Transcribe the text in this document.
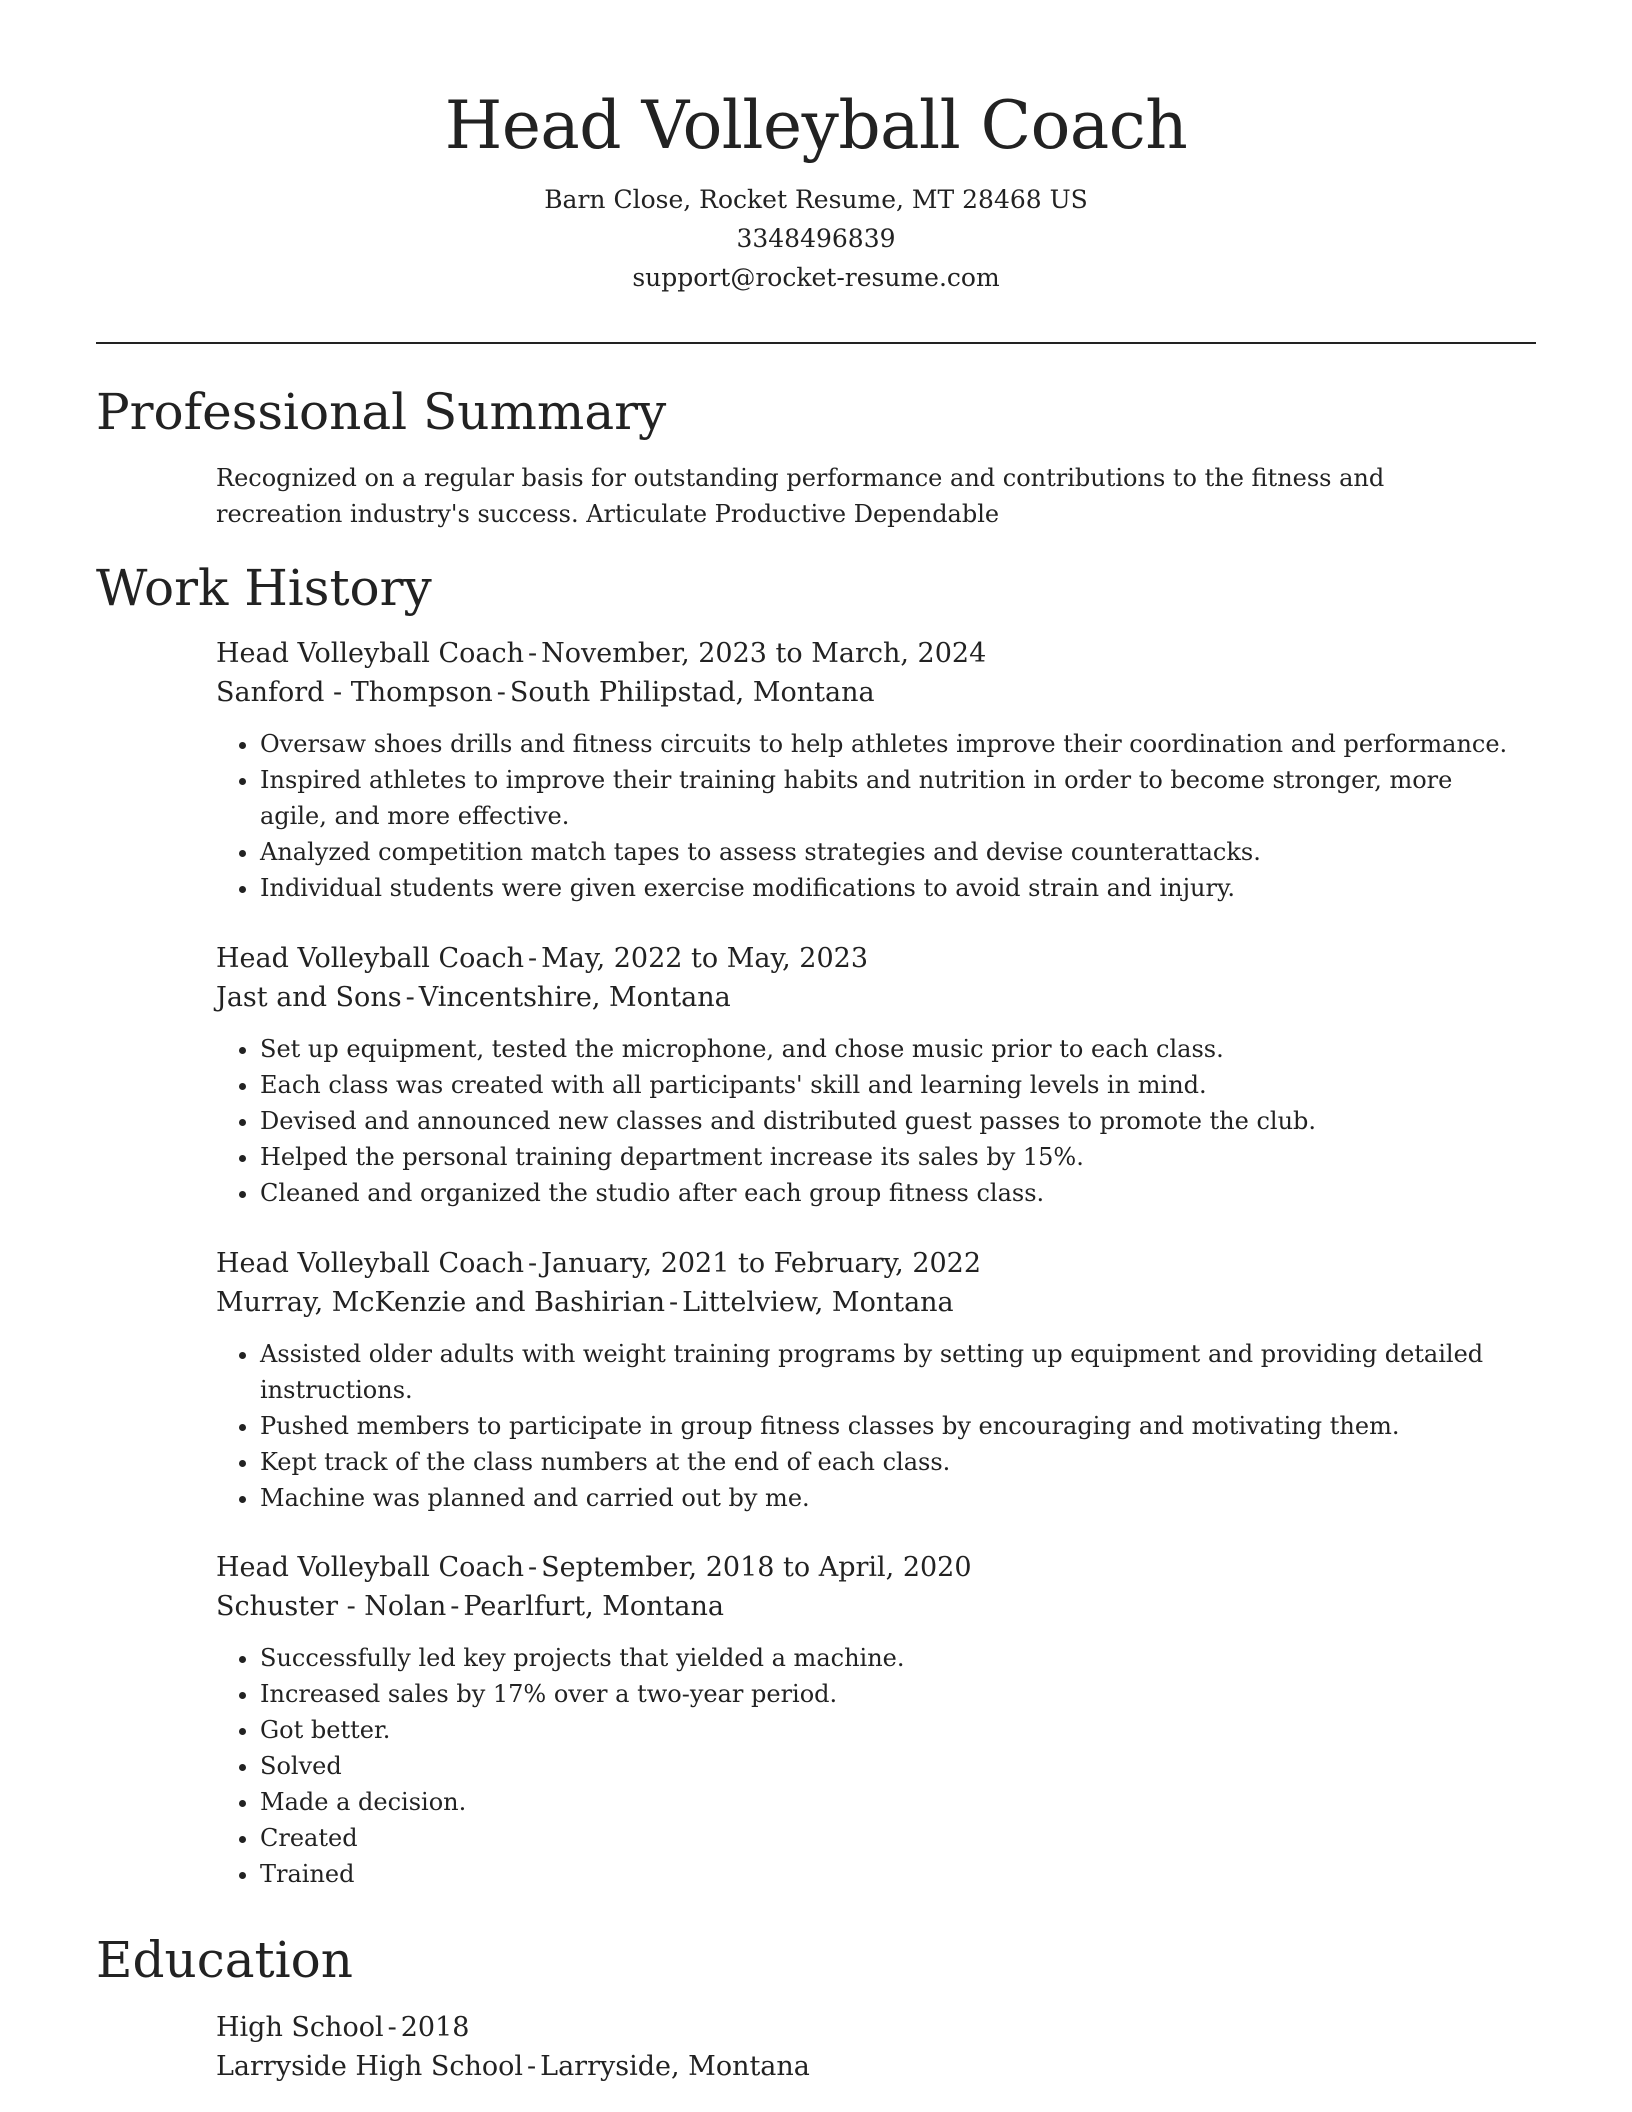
Head Volleyball Coach
Barn Close, Rocket Resume, MT 28468 US
3348496839
support@rocket-resume.com
Professional Summary
Recognized on a regular basis for outstanding performance and contributions to the fitness and recreation industry's success. Articulate Productive Dependable
Work History
Head Volleyball Coach - November, 2023 to March, 2024
Sanford - Thompson - South Philipstad, Montana
• Oversaw shoes drills and fitness circuits to help athletes improve their coordination and performance.
• Inspired athletes to improve their training habits and nutrition in order to become stronger, more agile, and more effective.
• Analyzed competition match tapes to assess strategies and devise counterattacks.
• Individual students were given exercise modifications to avoid strain and injury.
Head Volleyball Coach - May, 2022 to May, 2023
Jast and Sons - Vincentshire, Montana
• Set up equipment, tested the microphone, and chose music prior to each class.
• Each class was created with all participants' skill and learning levels in mind.
• Devised and announced new classes and distributed guest passes to promote the club.
• Helped the personal training department increase its sales by 15%.
• Cleaned and organized the studio after each group fitness class.
Head Volleyball Coach - January, 2021 to February, 2022
Murray, McKenzie and Bashirian - Littelview, Montana
• Assisted older adults with weight training programs by setting up equipment and providing detailed instructions.
• Pushed members to participate in group fitness classes by encouraging and motivating them.
• Kept track of the class numbers at the end of each class.
• Machine was planned and carried out by me.
Head Volleyball Coach - September, 2018 to April, 2020
Schuster - Nolan - Pearlfurt, Montana
• Successfully led key projects that yielded a machine.
• Increased sales by 17% over a two-year period.
• Got better.
• Solved
• Made a decision.
• Created
• Trained
Education
High School - 2018
Larryside High School - Larryside, Montana
